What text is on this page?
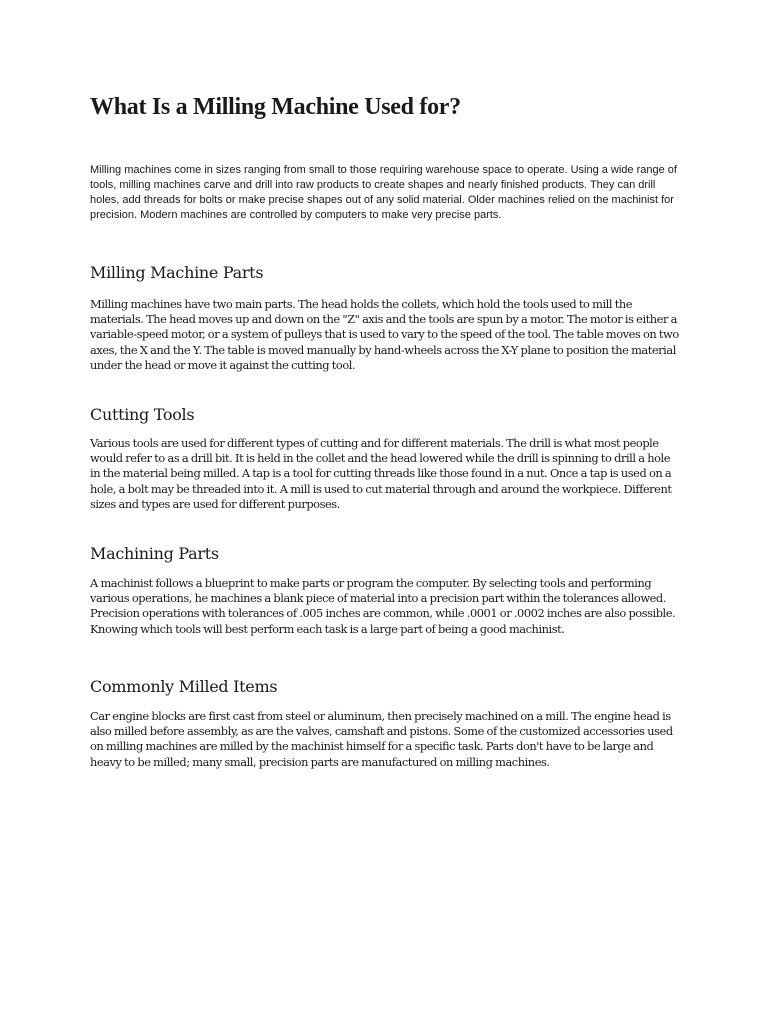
What Is a Milling Machine Used for?

Milling machines come in sizes ranging from small to those requiring warehouse space to operate. Using a wide range of tools, milling machines carve and drill into raw products to create shapes and nearly finished products. They can drill holes, add threads for bolts or make precise shapes out of any solid material. Older machines relied on the machinist for precision. Modern machines are controlled by computers to make very precise parts.

Milling Machine Parts

Milling machines have two main parts. The head holds the collets, which hold the tools used to mill the materials. The head moves up and down on the "Z" axis and the tools are spun by a motor. The motor is either a variable-speed motor, or a system of pulleys that is used to vary to the speed of the tool. The table moves on two axes, the X and the Y. The table is moved manually by hand-wheels across the X-Y plane to position the material under the head or move it against the cutting tool.

Cutting Tools

Various tools are used for different types of cutting and for different materials. The drill is what most people would refer to as a drill bit. It is held in the collet and the head lowered while the drill is spinning to drill a hole in the material being milled. A tap is a tool for cutting threads like those found in a nut. Once a tap is used on a hole, a bolt may be threaded into it. A mill is used to cut material through and around the workpiece. Different sizes and types are used for different purposes.

Machining Parts

A machinist follows a blueprint to make parts or program the computer. By selecting tools and performing various operations, he machines a blank piece of material into a precision part within the tolerances allowed. Precision operations with tolerances of .005 inches are common, while .0001 or .0002 inches are also possible. Knowing which tools will best perform each task is a large part of being a good machinist.

Commonly Milled Items

Car engine blocks are first cast from steel or aluminum, then precisely machined on a mill. The engine head is also milled before assembly, as are the valves, camshaft and pistons. Some of the customized accessories used on milling machines are milled by the machinist himself for a specific task. Parts don't have to be large and heavy to be milled; many small, precision parts are manufactured on milling machines.
